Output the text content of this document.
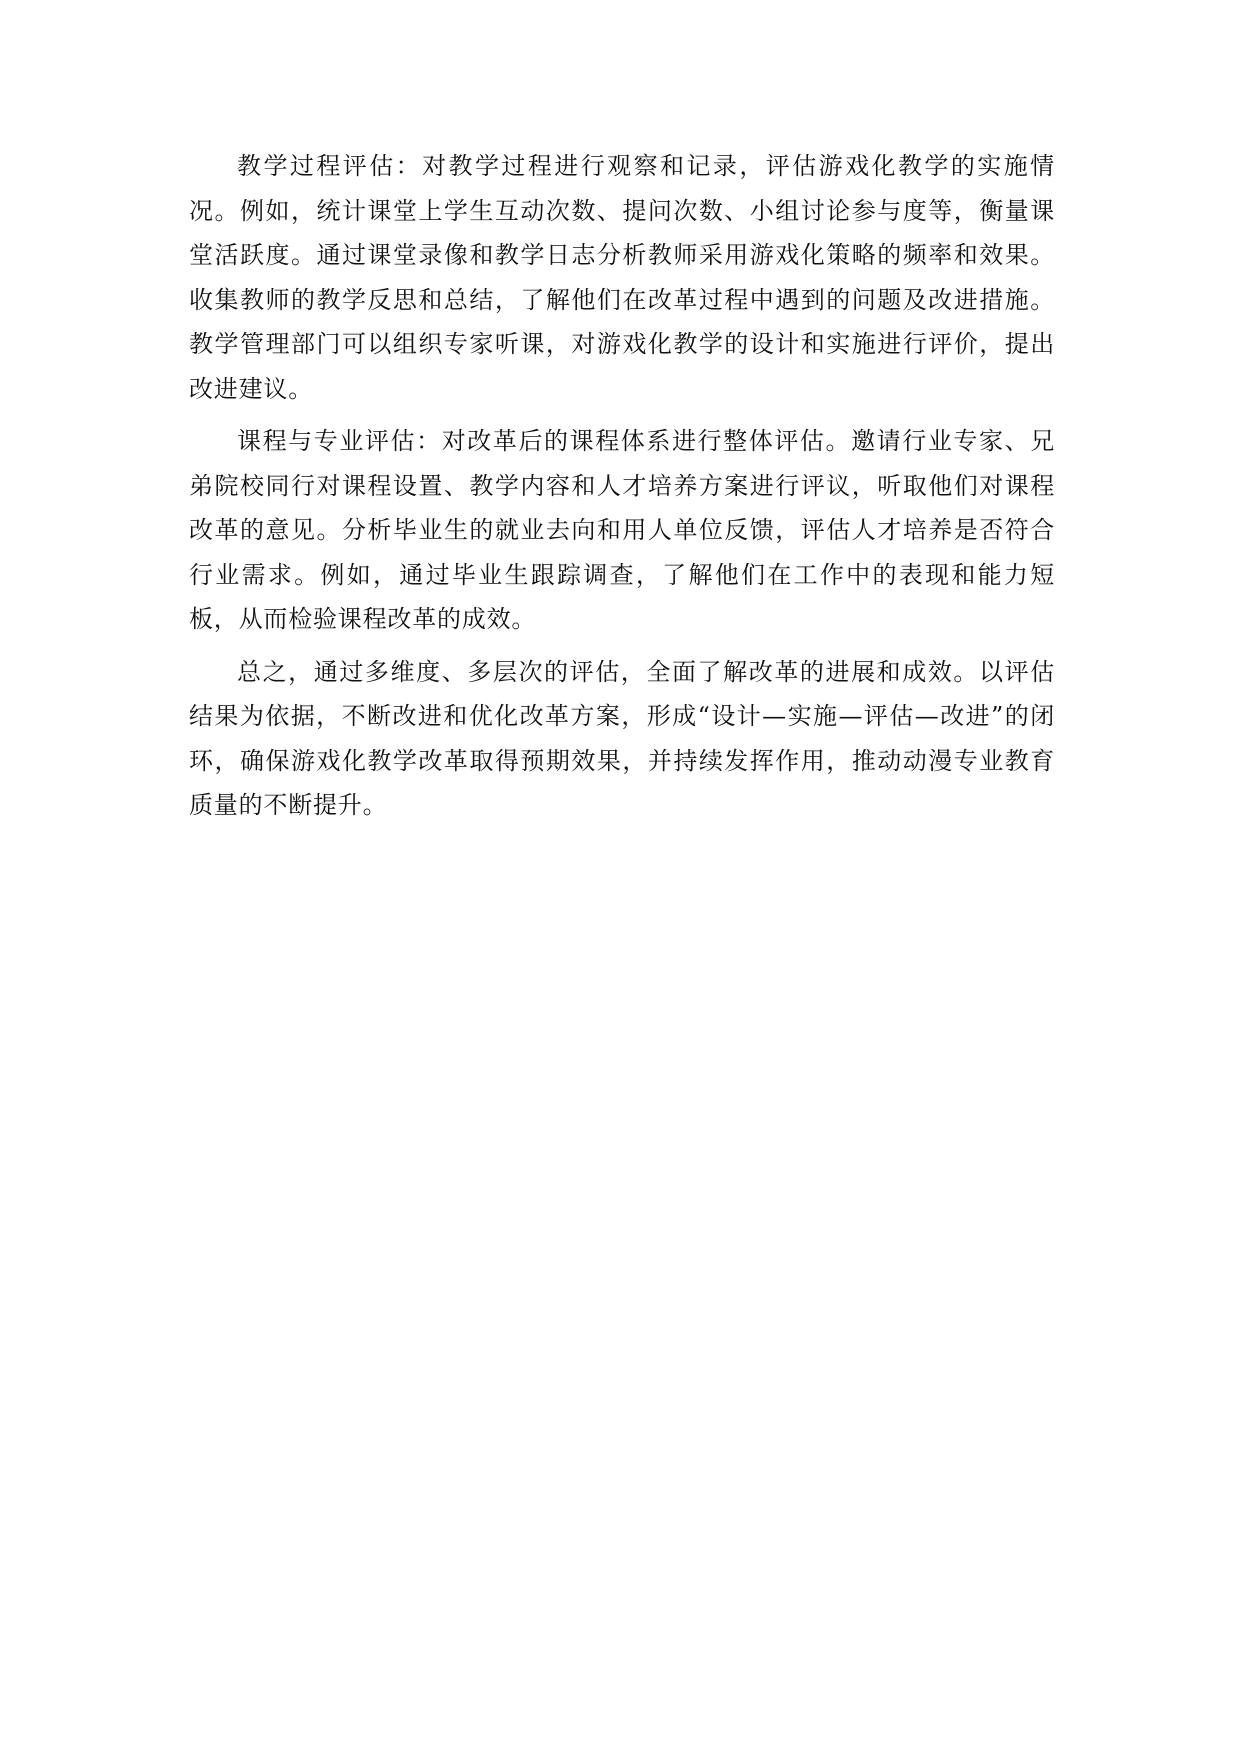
教学过程评估：对教学过程进行观察和记录，评估游戏化教学的实施情况。例如，统计课堂上学生互动次数、提问次数、小组讨论参与度等，衡量课堂活跃度。通过课堂录像和教学日志分析教师采用游戏化策略的频率和效果。收集教师的教学反思和总结，了解他们在改革过程中遇到的问题及改进措施。教学管理部门可以组织专家听课，对游戏化教学的设计和实施进行评价，提出改进建议。

课程与专业评估：对改革后的课程体系进行整体评估。邀请行业专家、兄弟院校同行对课程设置、教学内容和人才培养方案进行评议，听取他们对课程改革的意见。分析毕业生的就业去向和用人单位反馈，评估人才培养是否符合行业需求。例如，通过毕业生跟踪调查，了解他们在工作中的表现和能力短板，从而检验课程改革的成效。

总之，通过多维度、多层次的评估，全面了解改革的进展和成效。以评估结果为依据，不断改进和优化改革方案，形成“设计—实施—评估—改进”的闭环，确保游戏化教学改革取得预期效果，并持续发挥作用，推动动漫专业教育质量的不断提升。
